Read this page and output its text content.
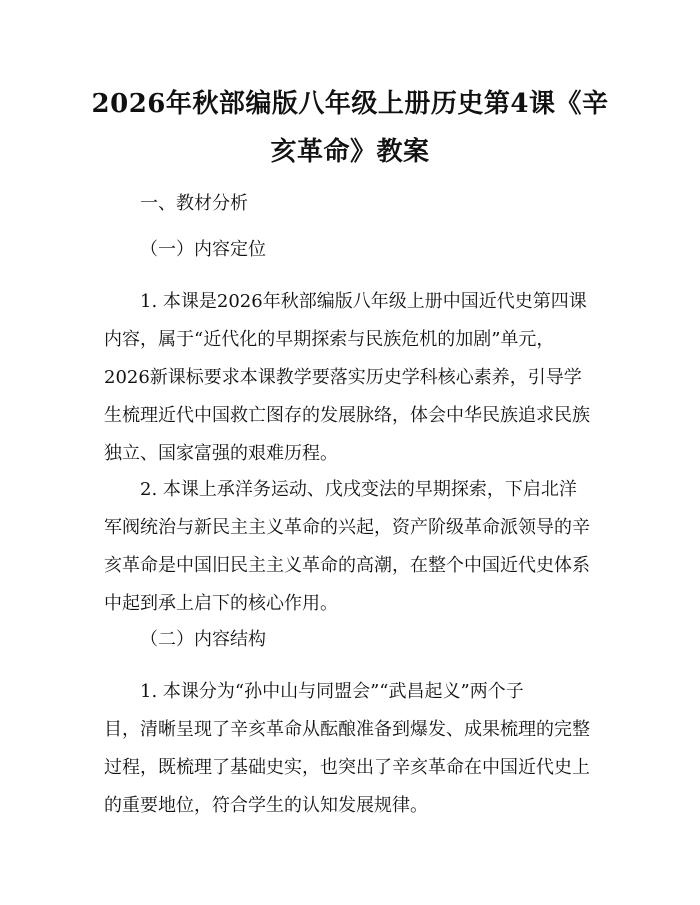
2026年秋部编版八年级上册历史第4课《辛
亥革命》教案

一、教材分析

（一）内容定位

1. 本课是2026年秋部编版八年级上册中国近代史第四课
内容，属于“近代化的早期探索与民族危机的加剧”单元，
2026新课标要求本课教学要落实历史学科核心素养，引导学
生梳理近代中国救亡图存的发展脉络，体会中华民族追求民族
独立、国家富强的艰难历程。
2. 本课上承洋务运动、戊戌变法的早期探索，下启北洋
军阀统治与新民主主义革命的兴起，资产阶级革命派领导的辛
亥革命是中国旧民主主义革命的高潮，在整个中国近代史体系
中起到承上启下的核心作用。

（二）内容结构

1. 本课分为“孙中山与同盟会”“武昌起义”两个子
目，清晰呈现了辛亥革命从酝酿准备到爆发、成果梳理的完整
过程，既梳理了基础史实，也突出了辛亥革命在中国近代史上
的重要地位，符合学生的认知发展规律。
